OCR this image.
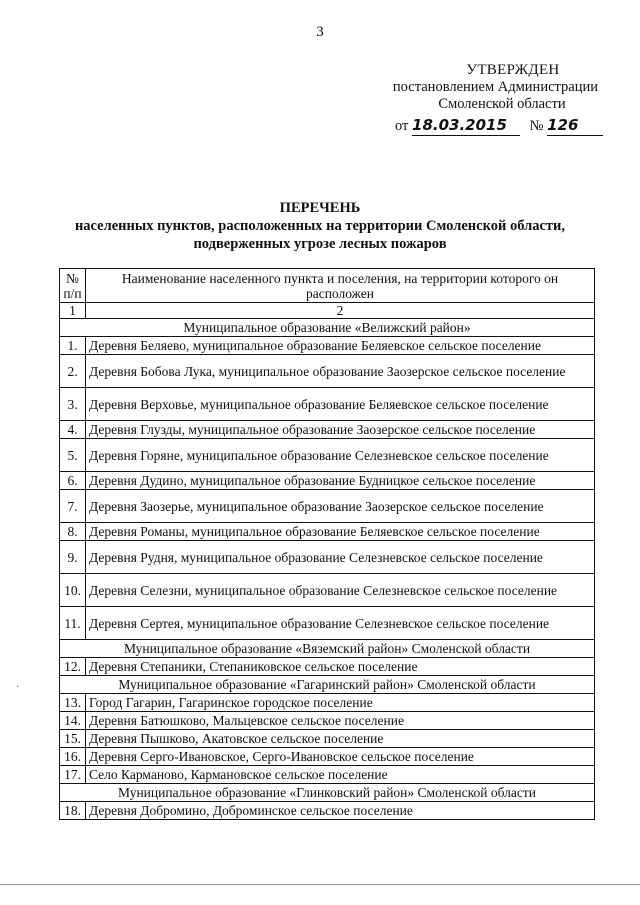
3
УТВЕРЖДЕН
постановлением Администрации
Смоленской области
от 18.03.2015 № 126
ПЕРЕЧЕНЬ
населенных пунктов, расположенных на территории Смоленской области,
подверженных угрозе лесных пожаров
№ п/п	Наименование населенного пункта и поселения, на территории которого он расположен
1	2
Муниципальное образование «Велижский район»	
1.	Деревня Беляево, муниципальное образование Беляевское сельское поселение
2.	Деревня Бобова Лука, муниципальное образование Заозерское сельское поселение
3.	Деревня Верховье, муниципальное образование Беляевское сельское поселение
4.	Деревня Глузды, муниципальное образование Заозерское сельское поселение
5.	Деревня Горяне, муниципальное образование Селезневское сельское поселение
6.	Деревня Дудино, муниципальное образование Будницкое сельское поселение
7.	Деревня Заозерье, муниципальное образование Заозерское сельское поселение
8.	Деревня Романы, муниципальное образование Беляевское сельское поселение
9.	Деревня Рудня, муниципальное образование Селезневское сельское поселение
10.	Деревня Селезни, муниципальное образование Селезневское сельское поселение
11.	Деревня Сертея, муниципальное образование Селезневское сельское поселение
Муниципальное образование «Вяземский район» Смоленской области	
12.	Деревня Степаники, Степаниковское сельское поселение
Муниципальное образование «Гагаринский район» Смоленской области	
13.	Город Гагарин, Гагаринское городское поселение
14.	Деревня Батюшково, Мальцевское сельское поселение
15.	Деревня Пышково, Акатовское сельское поселение
16.	Деревня Серго-Ивановское, Серго-Ивановское сельское поселение
17.	Село Карманово, Кармановское сельское поселение
Муниципальное образование «Глинковский район» Смоленской области	
18.	Деревня Добромино, Доброминское сельское поселение
·
